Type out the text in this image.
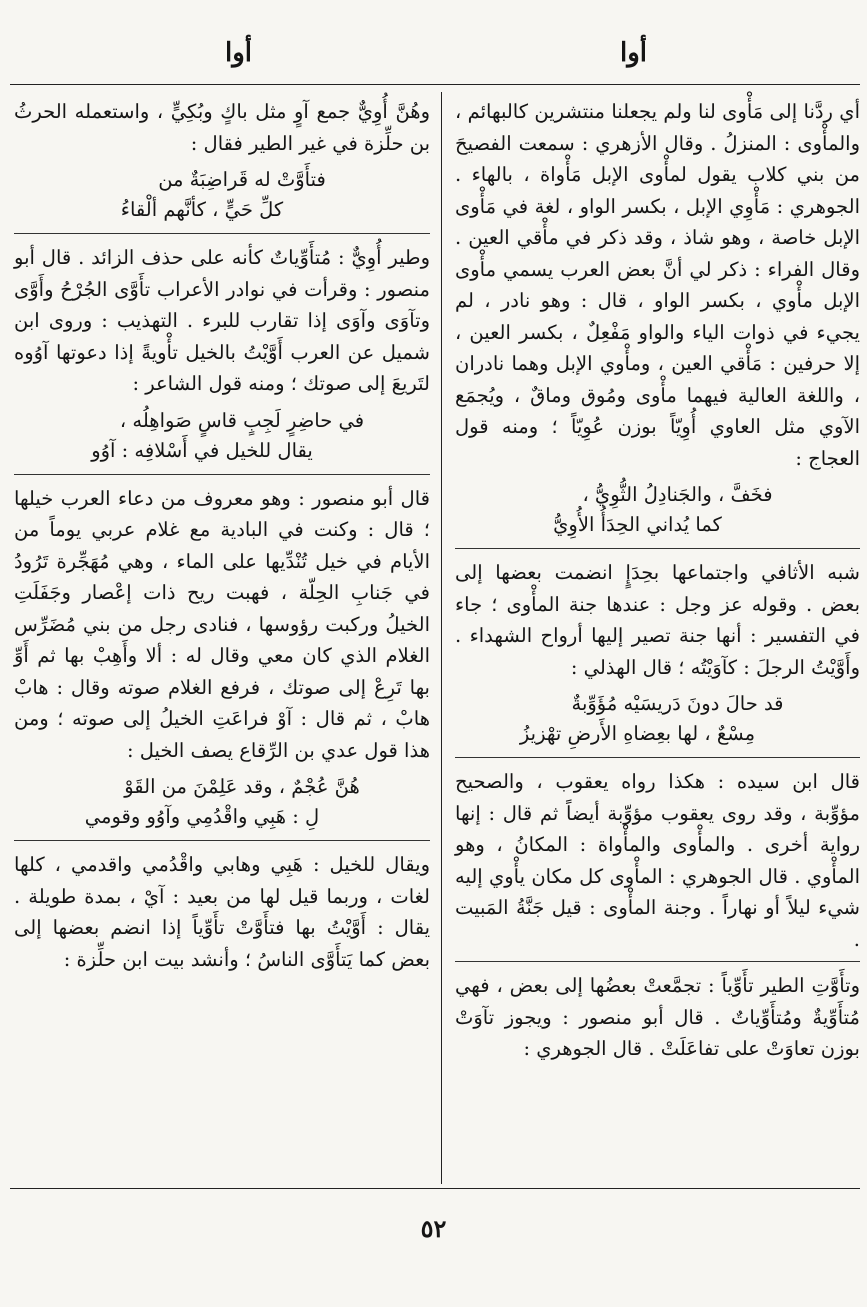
أوا
أوا

أي ردَّنا إلى مَأْوى لنا ولم يجعلنا منتشرين كالبهائم ، والمأْوى : المنزلُ . وقال الأزهري : سمعت الفصيحَ من بني كلاب يقول لمأْوى الإبل مَأْواة ، بالهاء . الجوهري : مَأْوِي الإبل ، بكسر الواو ، لغة في مَأْوى الإبل خاصة ، وهو شاذ ، وقد ذكر في مأْقي العين . وقال الفراء : ذكر لي أنَّ بعض العرب يسمي مأْوى الإبل مأْوي ، بكسر الواو ، قال : وهو نادر ، لم يجيء في ذوات الياء والواو مَفْعِلٌ ، بكسر العين ، إلا حرفين : مَأْقي العين ، ومأْوي الإبل وهما نادران ، واللغة العالية فيهما مأْوى ومُوق وماقٌ ، ويُجمَع الآوي مثل العاوي أُوِيّاً بوزن عُوِيّاً ؛ ومنه قول العجاج :

فخَفَّ ، والجَنادِلُ الثُّوِيُّ ،
كما يُداني الحِدَأُ الأُوِيُّ

شبه الأثافي واجتماعها بحِدَإٍ انضمت بعضها إلى بعض . وقوله عز وجل : عندها جنة المأْوى ؛ جاء في التفسير : أنها جنة تصير إليها أرواح الشهداء . وأَوَّيْتُ الرجلَ : كآوَيْتُه ؛ قال الهذلي :

قد حالَ دونَ دَريسَيْه مُؤَوِّبةٌ
مِسْعٌ ، لها بعِضاهِ الأَرضِ تهْزيزُ

قال ابن سيده : هكذا رواه يعقوب ، والصحيح مؤوِّبة ، وقد روى يعقوب مؤوِّبة أيضاً ثم قال : إنها رواية أخرى . والمأْوى والمأْواة : المكانُ ، وهو المأْوي . قال الجوهري : المأْوى كل مكان يأْوي إليه شيء ليلاً أو نهاراً . وجنة المأْوى : قيل جَنَّةُ المَبيت .

وتأَوَّتِ الطير تأَوِّياً : تجمَّعتْ بعضُها إلى بعض ، فهي مُتأَوِّيةٌ ومُتأَوِّياتٌ . قال أبو منصور : ويجوز تآوَتْ بوزن تعاوَتْ على تفاعَلَتْ . قال الجوهري :

وهُنَّ أُوِيٌّ جمع آوٍ مثل باكٍ وبُكِيٍّ ، واستعمله الحرثُ بن حلِّزة في غير الطير فقال :

فتأَوَّتْ له قَراضِبَةٌ من
كلِّ حَيٍّ ، كأنَّهم ألْقاءُ

وطير أُوِيٌّ : مُتأَوِّياتٌ كأنه على حذف الزائد . قال أبو منصور : وقرأت في نوادر الأعراب تأَوَّى الجُرْحُ وأَوَّى وتآوَى وآوَى إذا تقارب للبرء . التهذيب : وروى ابن شميل عن العرب أَوَّيْتُ بالخيل تأْويةً إذا دعوتها آوُوه لتَريعَ إلى صوتك ؛ ومنه قول الشاعر :

في حاضِرٍ لَجِبٍ قاسٍ صَواهِلُه ،
يقال للخيل في أَسْلافِه : آوُو

قال أبو منصور : وهو معروف من دعاء العرب خيلها ؛ قال : وكنت في البادية مع غلام عربي يوماً من الأيام في خيل تُنْدِّيها على الماء ، وهي مُهَجِّرة تَرُودُ في جَنابِ الحِلّة ، فهبت ريح ذات إعْصار وجَفَلَتِ الخيلُ وركبت رؤوسها ، فنادى رجل من بني مُضَرِّس الغلام الذي كان معي وقال له : ألا وأَهِبْ بها ثم أَوِّ بها تَرِعْ إلى صوتك ، فرفع الغلام صوته وقال : هابْ هابْ ، ثم قال : آوْ فراعَتِ الخيلُ إلى صوته ؛ ومن هذا قول عدي بن الرِّقاع يصف الخيل :

هُنَّ عُجْمٌ ، وقد عَلِمْنَ من القَوْ
لِ : هَبِي واقْدُمِي وآوُو وقومي

ويقال للخيل : هَبِي وهابي واقْدُمي واقدمي ، كلها لغات ، وربما قيل لها من بعيد : آيْ ، بمدة طويلة . يقال : أَوَّيْتُ بها فتأَوَّتْ تأَوِّياً إذا انضم بعضها إلى بعض كما يَتأَوَّى الناسُ ؛ وأنشد بيت ابن حلِّزة :

٥٢
